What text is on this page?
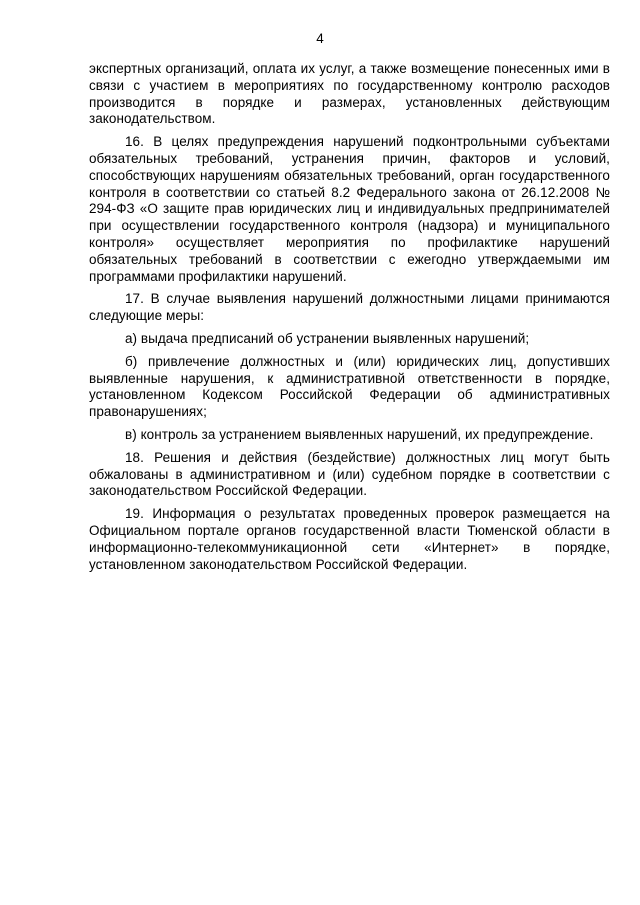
4

экспертных организаций, оплата их услуг, а также возмещение понесенных ими в связи с участием в мероприятиях по государственному контролю расходов производится в порядке и размерах, установленных действующим законодательством.

16. В целях предупреждения нарушений подконтрольными субъектами обязательных требований, устранения причин, факторов и условий, способствующих нарушениям обязательных требований, орган государственного контроля в соответствии со статьей 8.2 Федерального закона от 26.12.2008 № 294-ФЗ «О защите прав юридических лиц и индивидуальных предпринимателей при осуществлении государственного контроля (надзора) и муниципального контроля» осуществляет мероприятия по профилактике нарушений обязательных требований в соответствии с ежегодно утверждаемыми им программами профилактики нарушений.

17. В случае выявления нарушений должностными лицами принимаются следующие меры:

а) выдача предписаний об устранении выявленных нарушений;

б) привлечение должностных и (или) юридических лиц, допустивших выявленные нарушения, к административной ответственности в порядке, установленном Кодексом Российской Федерации об административных правонарушениях;

в) контроль за устранением выявленных нарушений, их предупреждение.

18. Решения и действия (бездействие) должностных лиц могут быть обжалованы в административном и (или) судебном порядке в соответствии с законодательством Российской Федерации.

19. Информация о результатах проведенных проверок размещается на Официальном портале органов государственной власти Тюменской области в информационно-телекоммуникационной сети «Интернет» в порядке, установленном законодательством Российской Федерации.
